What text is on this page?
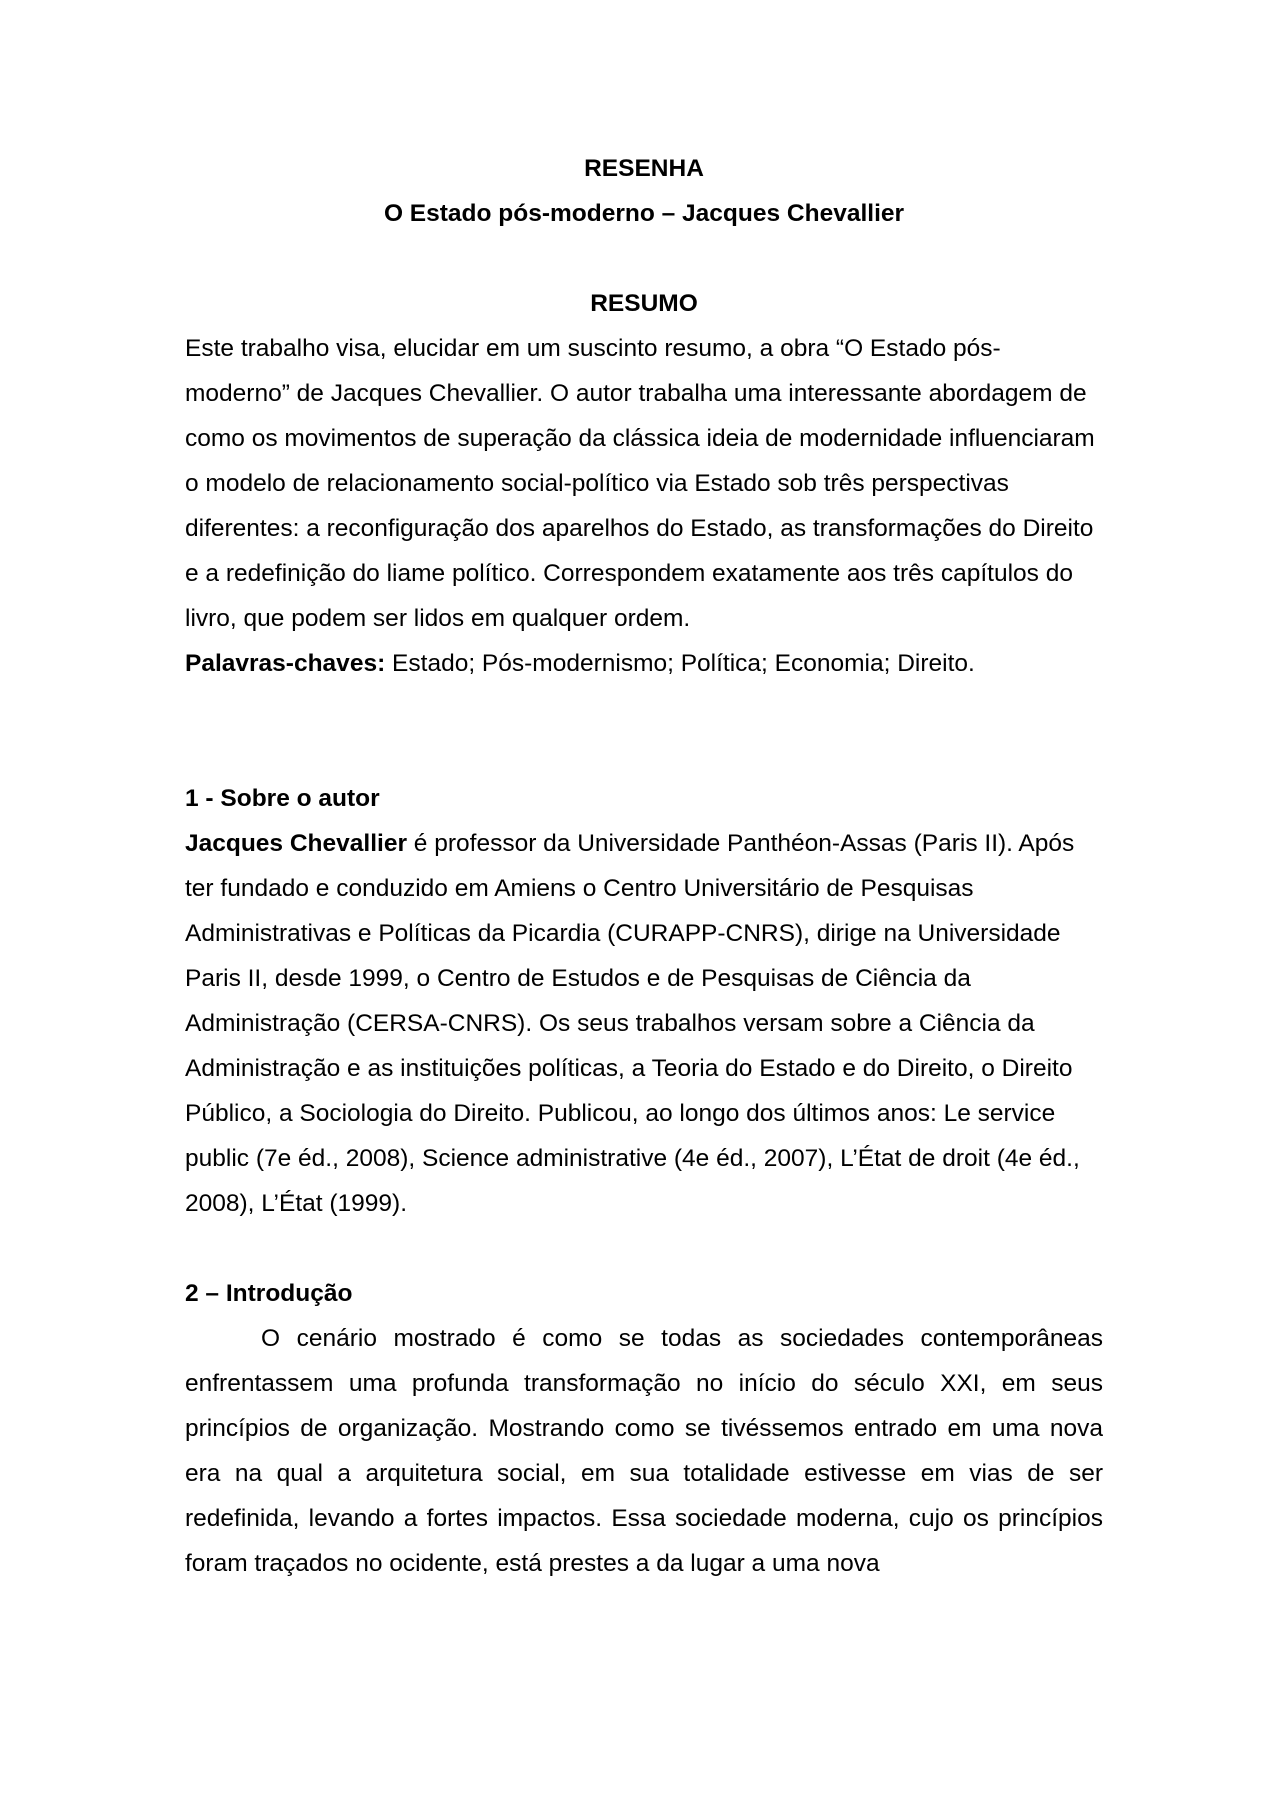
RESENHA

O Estado pós-moderno – Jacques Chevallier

RESUMO

Este trabalho visa, elucidar em um suscinto resumo, a obra “O Estado pós-moderno” de Jacques Chevallier. O autor trabalha uma interessante abordagem de como os movimentos de superação da clássica ideia de modernidade influenciaram o modelo de relacionamento social-político via Estado sob três perspectivas diferentes: a reconfiguração dos aparelhos do Estado, as transformações do Direito e a redefinição do liame político. Correspondem exatamente aos três capítulos do livro, que podem ser lidos em qualquer ordem.

Palavras-chaves: Estado; Pós-modernismo; Política; Economia; Direito.

1 - Sobre o autor

Jacques Chevallier é professor da Universidade Panthéon-Assas (Paris II). Após ter fundado e conduzido em Amiens o Centro Universitário de Pesquisas Administrativas e Políticas da Picardia (CURAPP-CNRS), dirige na Universidade Paris II, desde 1999, o Centro de Estudos e de Pesquisas de Ciência da Administração (CERSA-CNRS). Os seus trabalhos versam sobre a Ciência da Administração e as instituições políticas, a Teoria do Estado e do Direito, o Direito Público, a Sociologia do Direito. Publicou, ao longo dos últimos anos: Le service public (7e éd., 2008), Science administrative (4e éd., 2007), L’État de droit (4e éd., 2008), L’État (1999).

2 – Introdução

O cenário mostrado é como se todas as sociedades contemporâneas enfrentassem uma profunda transformação no início do século XXI, em seus princípios de organização. Mostrando como se tivéssemos entrado em uma nova era na qual a arquitetura social, em sua totalidade estivesse em vias de ser redefinida, levando a fortes impactos. Essa sociedade moderna, cujo os princípios foram traçados no ocidente, está prestes a da lugar a uma nova
